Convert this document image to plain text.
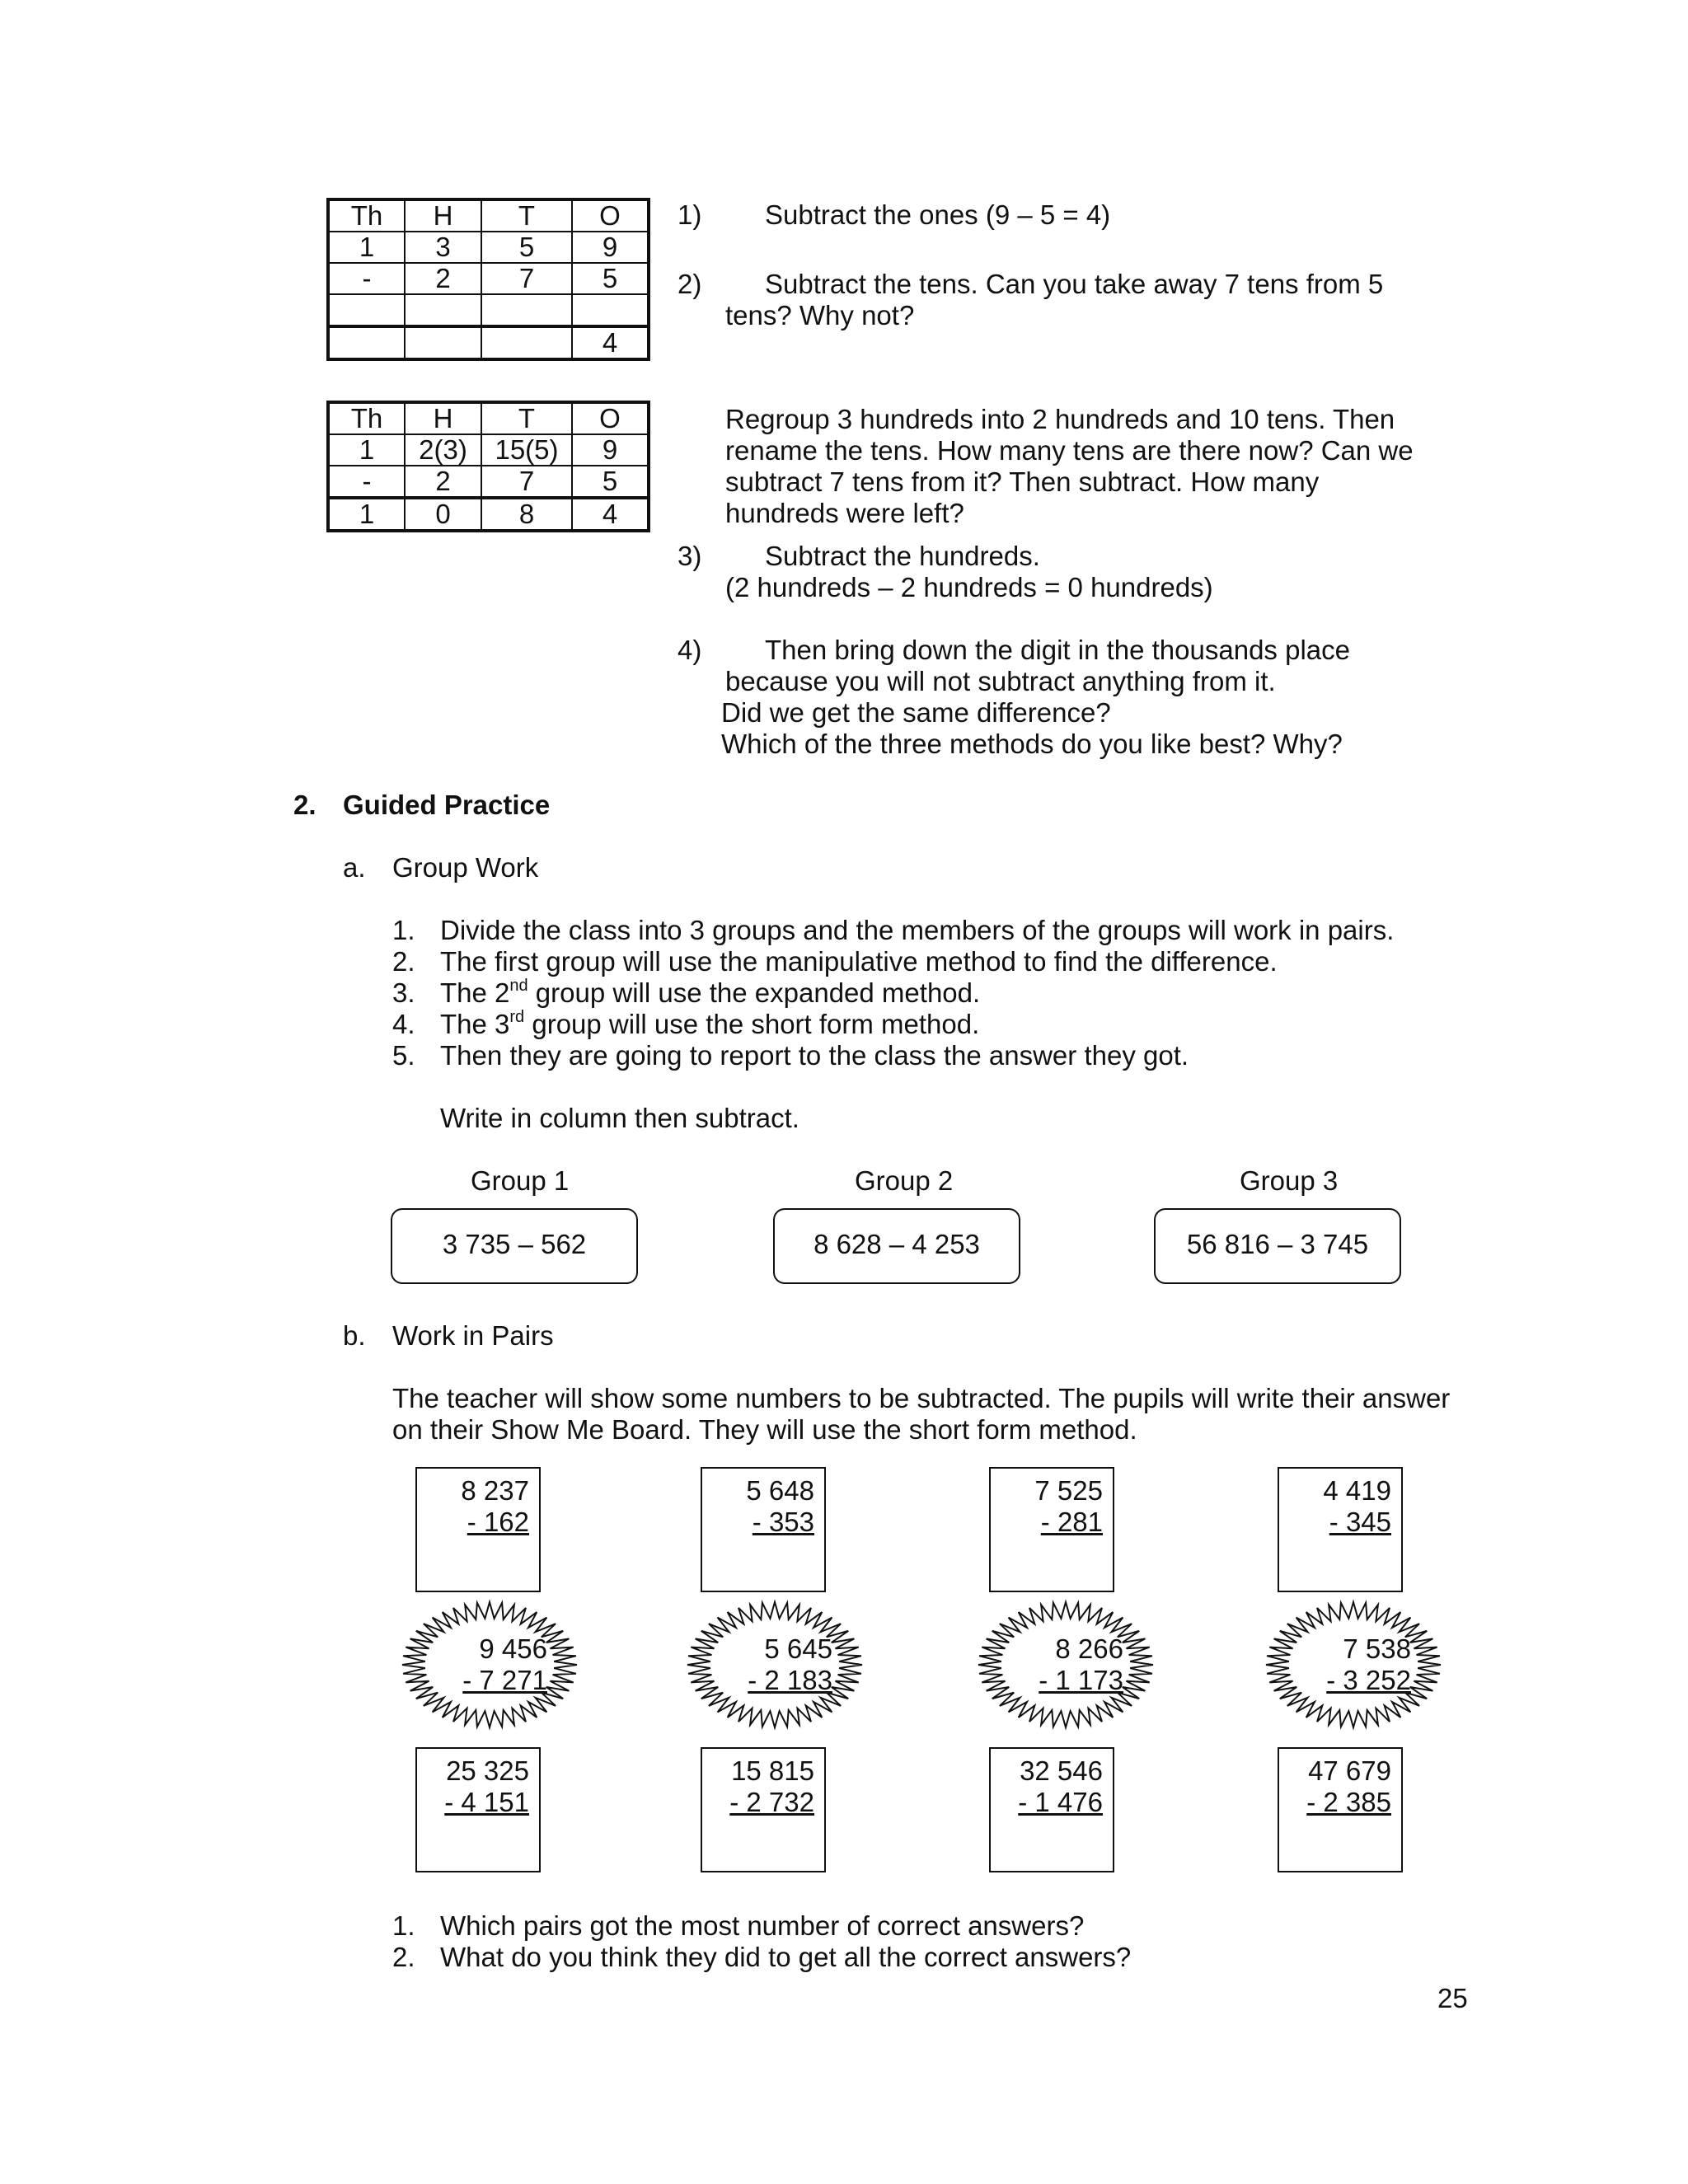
Th	H	T	O
1	3	5	9
-	2	7	5

			4
Th	H	T	O
1	2(3)	15(5)	9
-	2	7	5
1	0	8	4
1) Subtract the ones (9 – 5 = 4)
2) Subtract the tens. Can you take away 7 tens from 5
tens? Why not?
Regroup 3 hundreds into 2 hundreds and 10 tens. Then
rename the tens. How many tens are there now? Can we
subtract 7 tens from it? Then subtract. How many
hundreds were left?
3) Subtract the hundreds.
(2 hundreds – 2 hundreds = 0 hundreds)
4) Then bring down the digit in the thousands place
because you will not subtract anything from it.
Did we get the same difference?
Which of the three methods do you like best? Why?
2. Guided Practice
a. Group Work
1. Divide the class into 3 groups and the members of the groups will work in pairs.
2. The first group will use the manipulative method to find the difference.
3. The 2nd group will use the expanded method.
4. The 3rd group will use the short form method.
5. Then they are going to report to the class the answer they got.
Write in column then subtract.
Group 1	Group 2	Group 3
3 735 – 562	8 628 – 4 253	56 816 – 3 745
b. Work in Pairs
The teacher will show some numbers to be subtracted. The pupils will write their answer
on their Show Me Board. They will use the short form method.
8 237
- 162
5 648
- 353
7 525
- 281
4 419
- 345
9 456
- 7 271
5 645
- 2 183
8 266
- 1 173
7 538
- 3 252
25 325
- 4 151
15 815
- 2 732
32 546
- 1 476
47 679
- 2 385
1. Which pairs got the most number of correct answers?
2. What do you think they did to get all the correct answers?
25
